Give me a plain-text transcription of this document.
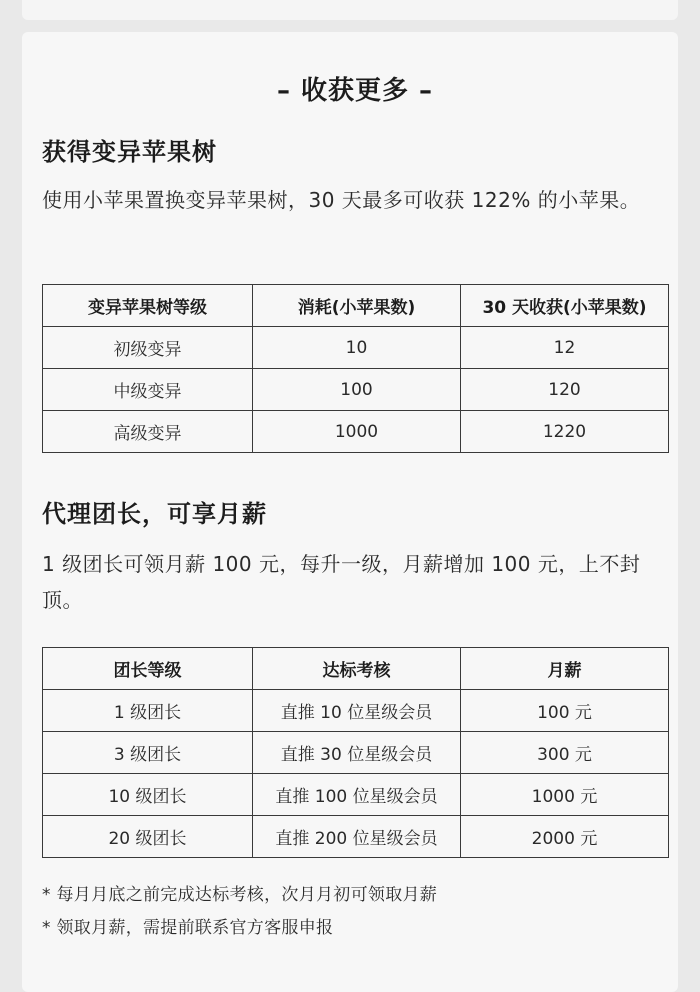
– 收获更多 –
获得变异苹果树
使用小苹果置换变异苹果树，30 天最多可收获 122% 的小苹果。
变异苹果树等级	消耗(小苹果数)	30 天收获(小苹果数)
初级变异	10	12
中级变异	100	120
高级变异	1000	1220
代理团长，可享月薪
1 级团长可领月薪 100 元，每升一级，月薪增加 100 元，上不封顶。
团长等级	达标考核	月薪
1 级团长	直推 10 位星级会员	100 元
3 级团长	直推 30 位星级会员	300 元
10 级团长	直推 100 位星级会员	1000 元
20 级团长	直推 200 位星级会员	2000 元
* 每月月底之前完成达标考核，次月月初可领取月薪
* 领取月薪，需提前联系官方客服申报
